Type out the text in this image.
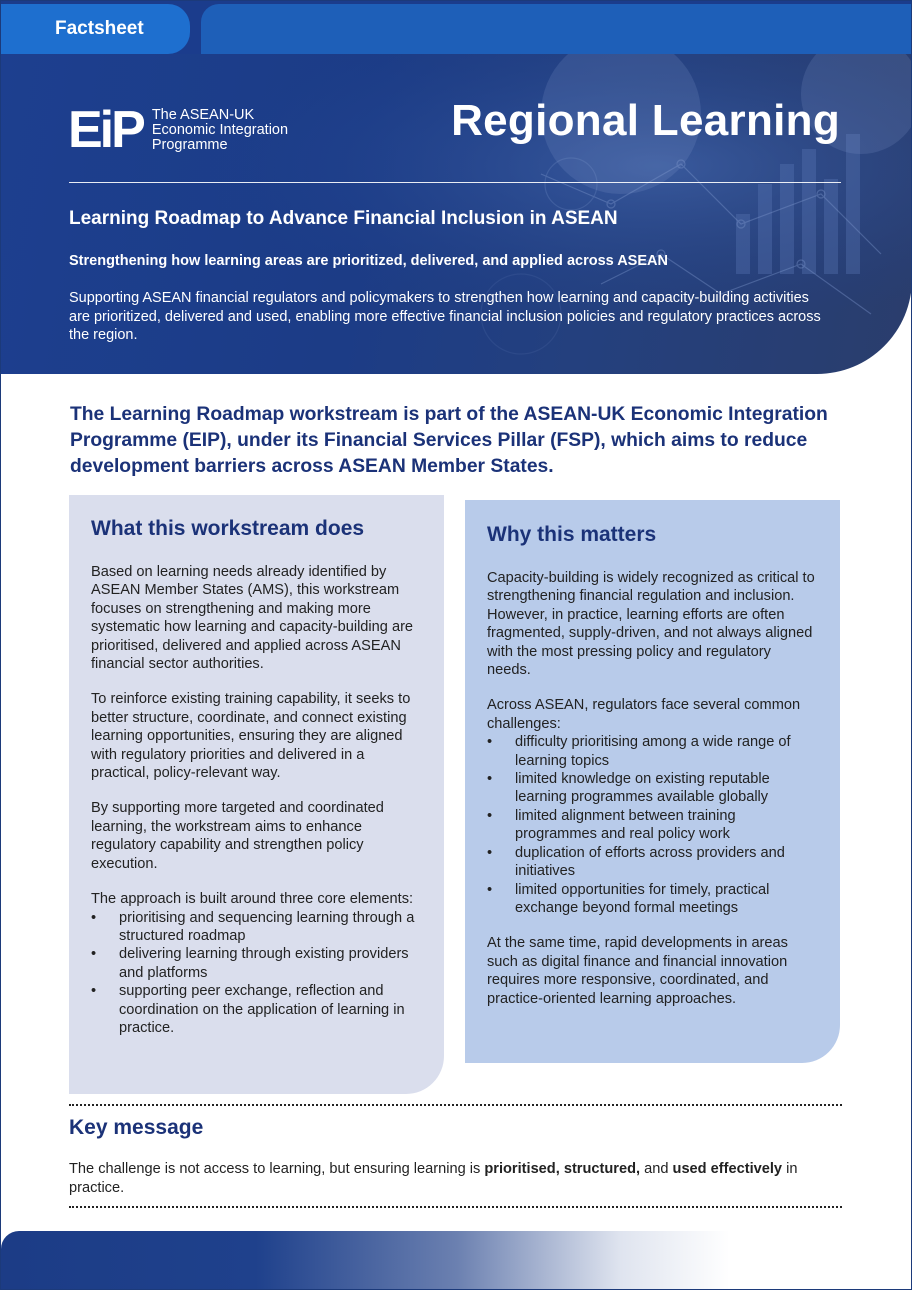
Factsheet
EiP The ASEAN-UK
Economic Integration
Programme	Regional Learning
Learning Roadmap to Advance Financial Inclusion in ASEAN
Strengthening how learning areas are prioritized, delivered, and applied across ASEAN
Supporting ASEAN financial regulators and policymakers to strengthen how learning and capacity-building activities are prioritized, delivered and used, enabling more effective financial inclusion policies and regulatory practices across the region.
The Learning Roadmap workstream is part of the ASEAN-UK Economic Integration Programme (EIP), under its Financial Services Pillar (FSP), which aims to reduce development barriers across ASEAN Member States.
What this workstream does

Based on learning needs already identified by ASEAN Member States (AMS), this workstream focuses on strengthening and making more systematic how learning and capacity-building are prioritised, delivered and applied across ASEAN financial sector authorities.

To reinforce existing training capability, it seeks to better structure, coordinate, and connect existing learning opportunities, ensuring they are aligned with regulatory priorities and delivered in a practical, policy-relevant way.

By supporting more targeted and coordinated learning, the workstream aims to enhance regulatory capability and strengthen policy execution.

The approach is built around three core elements:

• prioritising and sequencing learning through a structured roadmap
• delivering learning through existing providers and platforms
• supporting peer exchange, reflection and coordination on the application of learning in practice.
Why this matters

Capacity-building is widely recognized as critical to strengthening financial regulation and inclusion. However, in practice, learning efforts are often fragmented, supply-driven, and not always aligned with the most pressing policy and regulatory needs.

Across ASEAN, regulators face several common challenges:

• difficulty prioritising among a wide range of learning topics
• limited knowledge on existing reputable learning programmes available globally
• limited alignment between training programmes and real policy work
• duplication of efforts across providers and initiatives
• limited opportunities for timely, practical exchange beyond formal meetings

At the same time, rapid developments in areas such as digital finance and financial innovation requires more responsive, coordinated, and practice-oriented learning approaches.

Key message
The challenge is not access to learning, but ensuring learning is prioritised, structured, and used effectively in practice.
